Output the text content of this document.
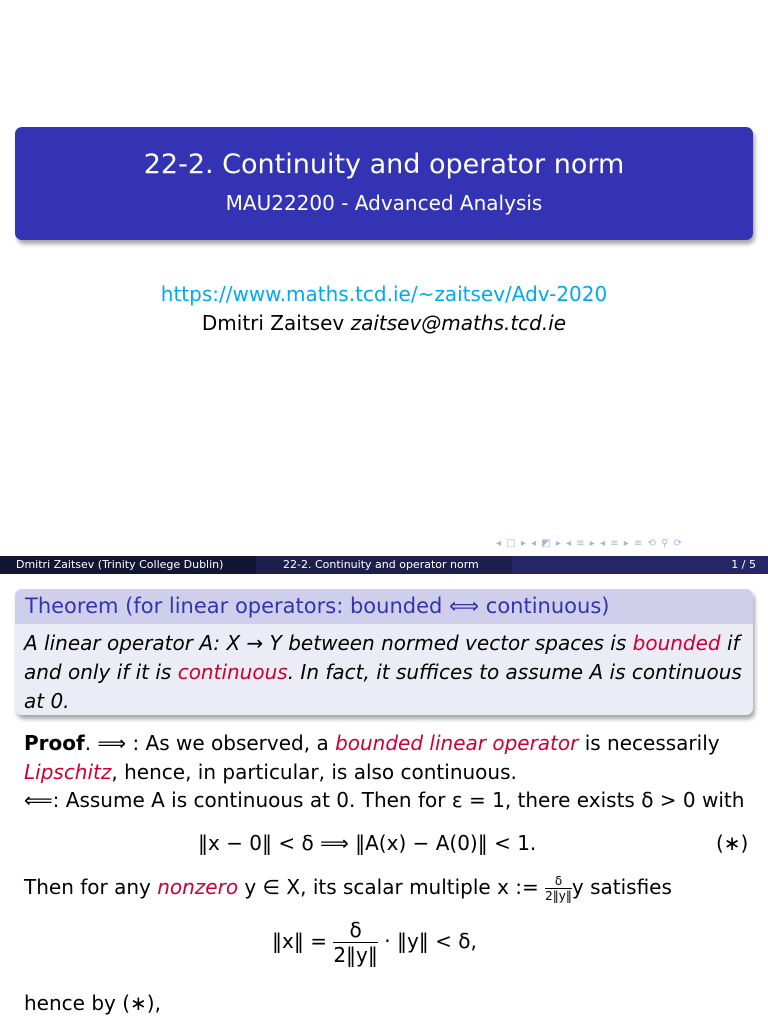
22-2. Continuity and operator norm
MAU22200 - Advanced Analysis
https://www.maths.tcd.ie/~zaitsev/Adv-2020
Dmitri Zaitsev zaitsev@maths.tcd.ie
◂ □ ▸ ◂ ◩ ▸ ◂ ≡ ▸ ◂ ≡ ▸ ≡ ⟲ ⚲ ⟳
Dmitri Zaitsev (Trinity College Dublin)	22-2. Continuity and operator norm	1 / 5
Theorem (for linear operators: bounded ⟺ continuous)
A linear operator A: X → Y between normed vector spaces is bounded if
and only if it is continuous. In fact, it suffices to assume A is continuous
at 0.
Proof. ⟹ : As we observed, a bounded linear operator is necessarily
Lipschitz, hence, in particular, is also continuous.
⟸: Assume A is continuous at 0. Then for ε = 1, there exists δ > 0 with
‖x − 0‖ < δ ⟹ ‖A(x) − A(0)‖ < 1.	(∗)
Then for any nonzero y ∈ X, its scalar multiple x := $\frac{\delta}{2‖y‖}$ y satisfies
‖x‖ = $\frac{\delta}{2‖y‖}$ · ‖y‖ < δ,
hence by (∗),
